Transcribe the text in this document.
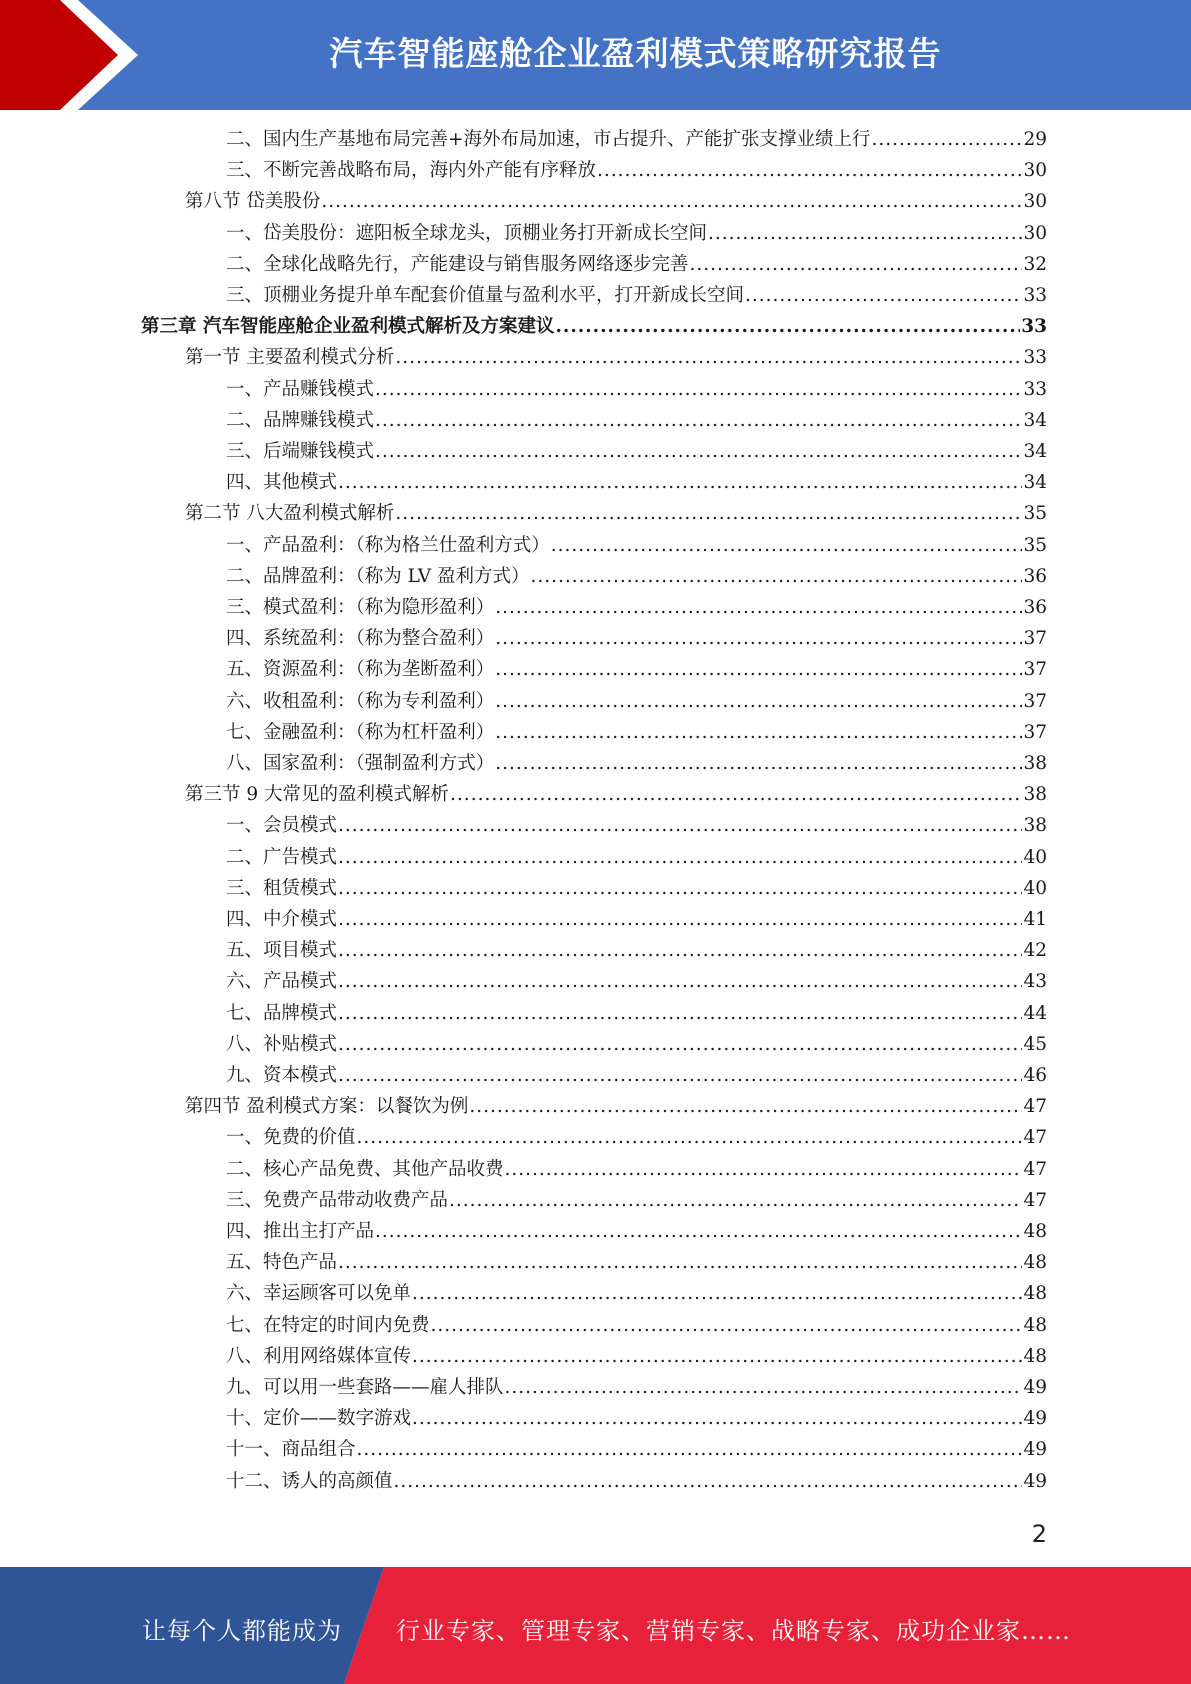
汽车智能座舱企业盈利模式策略研究报告
二、国内生产基地布局完善+海外布局加速，市占提升、产能扩张支撑业绩上行 .....	29
三、不断完善战略布局，海内外产能有序释放 .....	30
第八节 岱美股份 .....	30
一、岱美股份：遮阳板全球龙头，顶棚业务打开新成长空间 .....	30
二、全球化战略先行，产能建设与销售服务网络逐步完善 .....	32
三、顶棚业务提升单车配套价值量与盈利水平，打开新成长空间 .....	33
第三章 汽车智能座舱企业盈利模式解析及方案建议 .....	33
第一节 主要盈利模式分析 .....	33
一、产品赚钱模式 .....	33
二、品牌赚钱模式 .....	34
三、后端赚钱模式 .....	34
四、其他模式 .....	34
第二节 八大盈利模式解析 .....	35
一、产品盈利：（称为格兰仕盈利方式） .....	35
二、品牌盈利：（称为 LV 盈利方式） .....	36
三、模式盈利：（称为隐形盈利） .....	36
四、系统盈利：（称为整合盈利） .....	37
五、资源盈利：（称为垄断盈利） .....	37
六、收租盈利：（称为专利盈利） .....	37
七、金融盈利：（称为杠杆盈利） .....	37
八、国家盈利：（强制盈利方式） .....	38
第三节 9 大常见的盈利模式解析 .....	38
一、会员模式 .....	38
二、广告模式 .....	40
三、租赁模式 .....	40
四、中介模式 .....	41
五、项目模式 .....	42
六、产品模式 .....	43
七、品牌模式 .....	44
八、补贴模式 .....	45
九、资本模式 .....	46
第四节 盈利模式方案：以餐饮为例 .....	47
一、免费的价值 .....	47
二、核心产品免费、其他产品收费 .....	47
三、免费产品带动收费产品 .....	47
四、推出主打产品 .....	48
五、特色产品 .....	48
六、幸运顾客可以免单 .....	48
七、在特定的时间内免费 .....	48
八、利用网络媒体宣传 .....	48
九、可以用一些套路——雇人排队 .....	49
十、定价——数字游戏 .....	49
十一、商品组合 .....	49
十二、诱人的高颜值 .....	49
2
让每个人都能成为 行业专家、管理专家、营销专家、战略专家、成功企业家……
